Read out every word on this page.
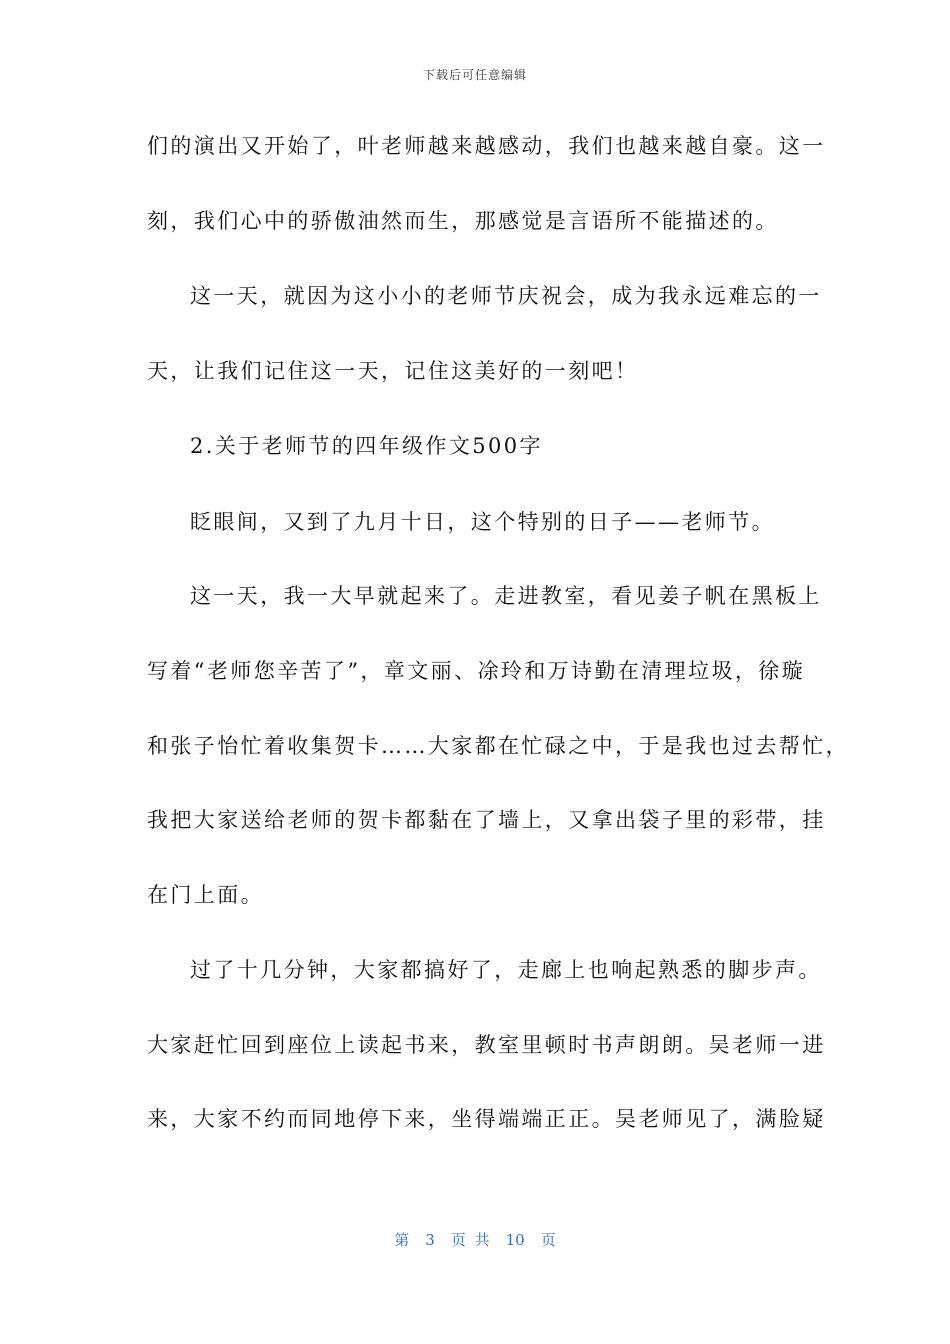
下载后可任意编辑
们的演出又开始了，叶老师越来越感动，我们也越来越自豪。这一
刻，我们心中的骄傲油然而生，那感觉是言语所不能描述的。
这一天，就因为这小小的老师节庆祝会，成为我永远难忘的一
天，让我们记住这一天，记住这美好的一刻吧！
2.关于老师节的四年级作文500字
眨眼间，又到了九月十日，这个特别的日子——老师节。
这一天，我一大早就起来了。走进教室，看见姜子帆在黑板上
写着“老师您辛苦了”，章文丽、凃玲和万诗勤在清理垃圾，徐璇
和张子怡忙着收集贺卡……大家都在忙碌之中，于是我也过去帮忙，
我把大家送给老师的贺卡都黏在了墙上，又拿出袋子里的彩带，挂
在门上面。
过了十几分钟，大家都搞好了，走廊上也响起熟悉的脚步声。
大家赶忙回到座位上读起书来，教室里顿时书声朗朗。吴老师一进
来，大家不约而同地停下来，坐得端端正正。吴老师见了，满脸疑
第 3 页 共 10 页
